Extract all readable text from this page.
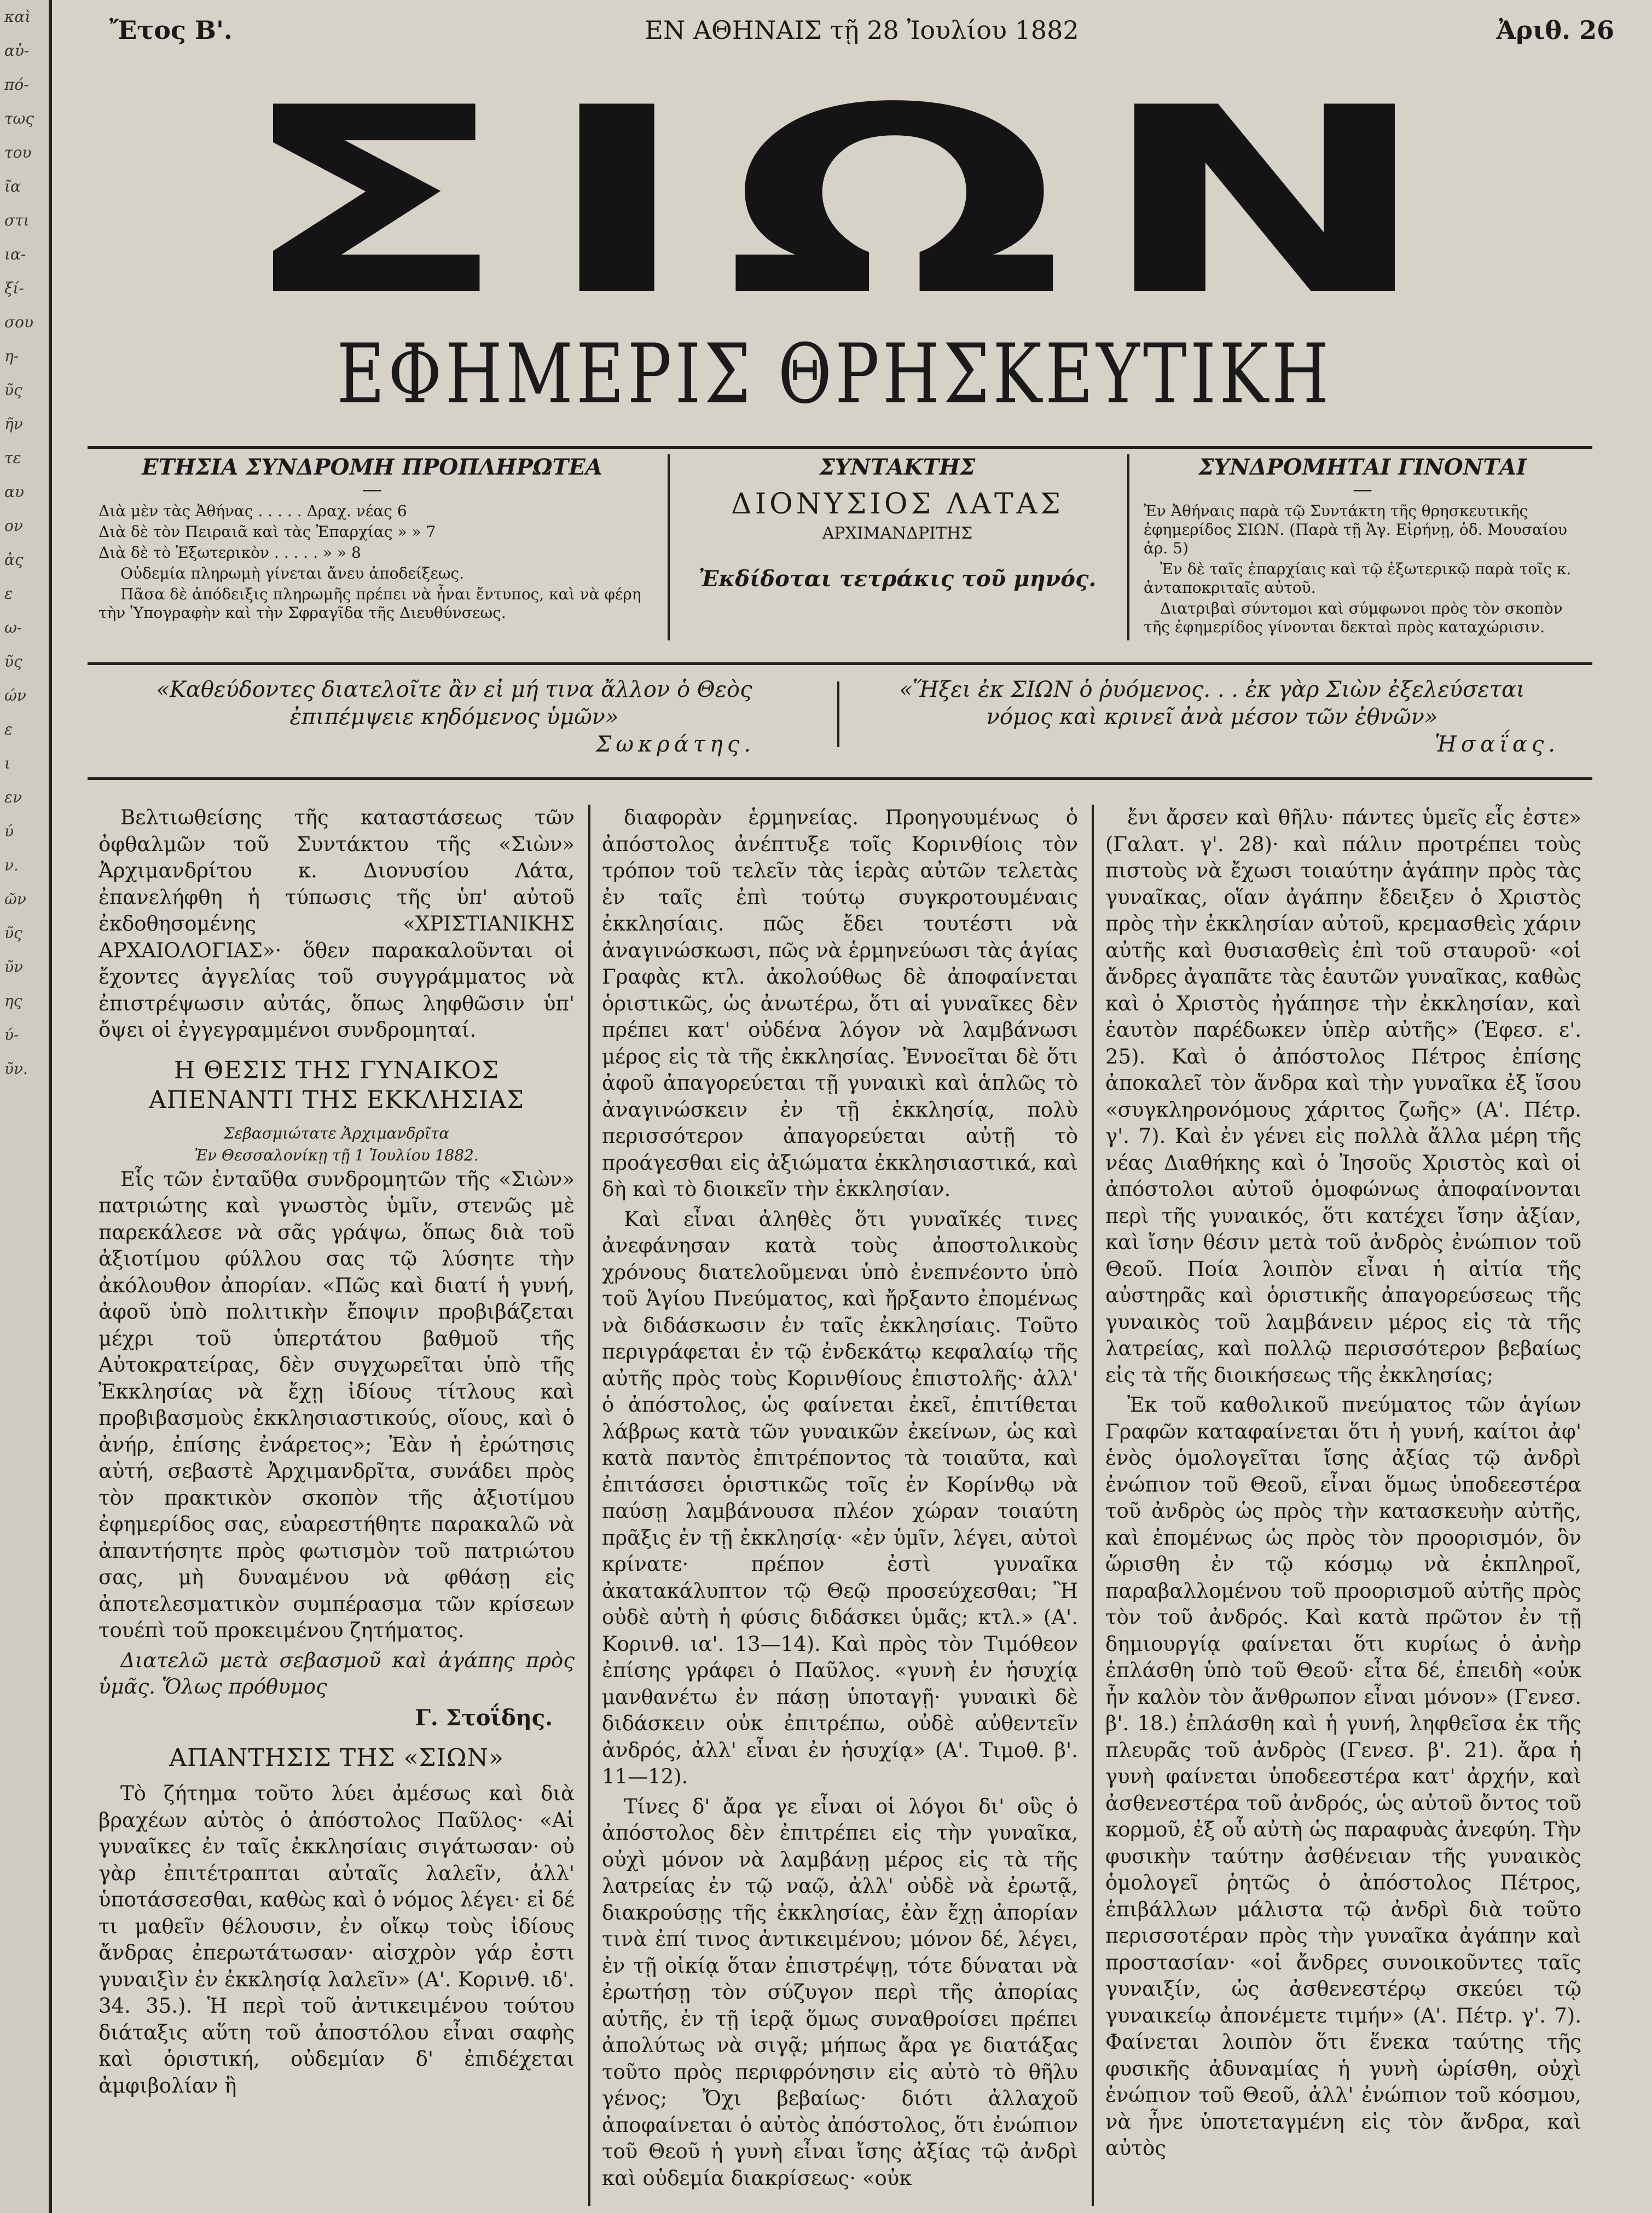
καὶ
αὐ-
πό-
τως
του
ῖα
στι
ια-
ξί-
σου
η-
ῦς
ῆν
τε
αυ
ον
ἀς
ε
ω-
ῦς
ών
ε
ι
εν
ύ
ν.
ῶν
ῦς
ῦν
ης
ύ-
ῦν.
Ἔτος Β'.	ΕΝ ΑΘΗΝΑΙΣ τῇ 28 Ἰουλίου 1882	Ἀριθ. 26
ΣΙΩΝ
ΕΦΗΜΕΡΙΣ ΘΡΗΣΚΕΥΤΙΚΗ
ΕΤΗΣΙΑ ΣΥΝΔΡΟΜΗ ΠΡΟΠΛΗΡΩΤΕΑ
—

Διὰ μὲν τὰς Ἀθήνας . . . . . Δραχ. νέας 6

Διὰ δὲ τὸν Πειραιᾶ καὶ τὰς Ἐπαρχίας » » 7

Διὰ δὲ τὸ Ἐξωτερικὸν . . . . . » » 8

Οὐδεμία πληρωμὴ γίνεται ἄνευ ἀποδείξεως.

Πᾶσα δὲ ἀπόδειξις πληρωμῆς πρέπει νὰ ἦναι ἔντυπος, καὶ νὰ φέρη τὴν Ὑπογραφὴν καὶ τὴν Σφραγῖδα τῆς Διευθύνσεως.

ΣΥΝΤΑΚΤΗΣ
ΔΙΟΝΥΣΙΟΣ ΛΑΤΑΣ
ΑΡΧΙΜΑΝΔΡΙΤΗΣ
Ἐκδίδοται τετράκις τοῦ μηνός.
ΣΥΝΔΡΟΜΗΤΑΙ ΓΙΝΟΝΤΑΙ
—

Ἐν Ἀθήναις παρὰ τῷ Συντάκτη τῆς θρησκευτικῆς ἐφημερίδος ΣΙΩΝ. (Παρὰ τῇ Ἁγ. Εἰρήνῃ, ὁδ. Μουσαίου ἀρ. 5)

Ἐν δὲ ταῖς ἐπαρχίαις καὶ τῷ ἐξωτερικῷ παρὰ τοῖς κ. ἀνταποκριταῖς αὐτοῦ.

Διατριβαὶ σύντομοι καὶ σύμφωνοι πρὸς τὸν σκοπὸν τῆς ἐφημερίδος γίνονται δεκταὶ πρὸς καταχώρισιν.

«Καθεύδοντες διατελοῖτε ἂν εἰ μή τινα ἄλλον ὁ Θεὸς ἐπιπέμψειε κηδόμενος ὑμῶν»
Σωκράτης.
«Ἥξει ἐκ ΣΙΩΝ ὁ ῥυόμενος. . . ἐκ γὰρ Σιὼν ἐξελεύσεται νόμος καὶ κρινεῖ ἀνὰ μέσον τῶν ἐθνῶν»
Ἡσαΐας.

Βελτιωθείσης τῆς καταστάσεως τῶν ὀφθαλμῶν τοῦ Συντάκτου τῆς «Σιὼν» Ἀρχιμανδρίτου κ. Διονυσίου Λάτα, ἐπανελήφθη ἡ τύπωσις τῆς ὑπ' αὐτοῦ ἐκδοθησομένης «ΧΡΙΣΤΙΑΝΙΚΗΣ ΑΡΧΑΙΟΛΟΓΙΑΣ»· ὅθεν παρακαλοῦνται οἱ ἔχοντες ἀγγελίας τοῦ συγγράμματος νὰ ἐπιστρέψωσιν αὐτάς, ὅπως ληφθῶσιν ὑπ' ὄψει οἱ ἐγγεγραμμένοι συνδρομηταί.

Η ΘΕΣΙΣ ΤΗΣ ΓΥΝΑΙΚΟΣ ΑΠΕΝΑΝΤΙ ΤΗΣ ΕΚΚΛΗΣΙΑΣ

Σεβασμιώτατε Ἀρχιμανδρῖτα

Ἐν Θεσσαλονίκῃ τῇ 1 Ἰουλίου 1882.

Εἷς τῶν ἐνταῦθα συνδρομητῶν τῆς «Σιὼν» πατριώτης καὶ γνωστὸς ὑμῖν, στενῶς μὲ παρεκάλεσε νὰ σᾶς γράψω, ὅπως διὰ τοῦ ἀξιοτίμου φύλλου σας τῷ λύσητε τὴν ἀκόλουθον ἀπορίαν. «Πῶς καὶ διατί ἡ γυνή, ἀφοῦ ὑπὸ πολιτικὴν ἔποψιν προβιβάζεται μέχρι τοῦ ὑπερτάτου βαθμοῦ τῆς Αὐτοκρατείρας, δὲν συγχωρεῖται ὑπὸ τῆς Ἐκκλησίας νὰ ἔχῃ ἰδίους τίτλους καὶ προβιβασμοὺς ἐκκλησιαστικούς, οἵους, καὶ ὁ ἀνήρ, ἐπίσης ἐνάρετος»; Ἐὰν ἡ ἐρώτησις αὐτή, σεβαστὲ Ἀρχιμανδρῖτα, συνάδει πρὸς τὸν πρακτικὸν σκοπὸν τῆς ἀξιοτίμου ἐφημερίδος σας, εὐαρεστήθητε παρακαλῶ νὰ ἀπαντήσητε πρὸς φωτισμὸν τοῦ πατριώτου σας, μὴ δυναμένου νὰ φθάσῃ εἰς ἀποτελεσματικὸν συμπέρασμα τῶν κρίσεων τουέπὶ τοῦ προκειμένου ζητήματος.

Διατελῶ μετὰ σεβασμοῦ καὶ ἀγάπης πρὸς ὑμᾶς. Ὅλως πρόθυμος

Γ. Στοΐδης.

ΑΠΑΝΤΗΣΙΣ ΤΗΣ «ΣΙΩΝ»

Τὸ ζήτημα τοῦτο λύει ἀμέσως καὶ διὰ βραχέων αὐτὸς ὁ ἀπόστολος Παῦλος· «Αἱ γυναῖκες ἐν ταῖς ἐκκλησίαις σιγάτωσαν· οὐ γὰρ ἐπιτέτραπται αὐταῖς λαλεῖν, ἀλλ' ὑποτάσσεσθαι, καθὼς καὶ ὁ νόμος λέγει· εἰ δέ τι μαθεῖν θέλουσιν, ἐν οἴκῳ τοὺς ἰδίους ἄνδρας ἐπερωτάτωσαν· αἰσχρὸν γάρ ἐστι γυναιξὶν ἐν ἐκκλησίᾳ λαλεῖν» (Α'. Κορινθ. ιδ'. 34. 35.). Ἡ περὶ τοῦ ἀντικειμένου τούτου διάταξις αὕτη τοῦ ἀποστόλου εἶναι σαφὴς καὶ ὁριστική, οὐδεμίαν δ' ἐπιδέχεται ἀμφιβολίαν ἢ

διαφορὰν ἑρμηνείας. Προηγουμένως ὁ ἀπόστολος ἀνέπτυξε τοῖς Κορινθίοις τὸν τρόπον τοῦ τελεῖν τὰς ἱερὰς αὐτῶν τελετὰς ἐν ταῖς ἐπὶ τούτῳ συγκροτουμέναις ἐκκλησίαις. πῶς ἔδει τουτέστι νὰ ἀναγινώσκωσι, πῶς νὰ ἑρμηνεύωσι τὰς ἁγίας Γραφὰς κτλ. ἀκολούθως δὲ ἀποφαίνεται ὁριστικῶς, ὡς ἀνωτέρω, ὅτι αἱ γυναῖκες δὲν πρέπει κατ' οὐδένα λόγον νὰ λαμβάνωσι μέρος εἰς τὰ τῆς ἐκκλησίας. Ἐννοεῖται δὲ ὅτι ἀφοῦ ἀπαγορεύεται τῇ γυναικὶ καὶ ἁπλῶς τὸ ἀναγινώσκειν ἐν τῇ ἐκκλησίᾳ, πολὺ περισσότερον ἀπαγορεύεται αὐτῇ τὸ προάγεσθαι εἰς ἀξιώματα ἐκκλησιαστικά, καὶ δὴ καὶ τὸ διοικεῖν τὴν ἐκκλησίαν.

Καὶ εἶναι ἀληθὲς ὅτι γυναῖκές τινες ἀνεφάνησαν κατὰ τοὺς ἀποστολικοὺς χρόνους διατελοῦμεναι ὑπὸ ἐνεπνέοντο ὑπὸ τοῦ Ἁγίου Πνεύματος, καὶ ἤρξαντο ἐπομένως νὰ διδάσκωσιν ἐν ταῖς ἐκκλησίαις. Τοῦτο περιγράφεται ἐν τῷ ἐνδεκάτῳ κεφαλαίῳ τῆς αὐτῆς πρὸς τοὺς Κορινθίους ἐπιστολῆς· ἀλλ' ὁ ἀπόστολος, ὡς φαίνεται ἐκεῖ, ἐπιτίθεται λάβρως κατὰ τῶν γυναικῶν ἐκείνων, ὡς καὶ κατὰ παντὸς ἐπιτρέποντος τὰ τοιαῦτα, καὶ ἐπιτάσσει ὁριστικῶς τοῖς ἐν Κορίνθῳ νὰ παύσῃ λαμβάνουσα πλέον χώραν τοιαύτη πρᾶξις ἐν τῇ ἐκκλησίᾳ· «ἐν ὑμῖν, λέγει, αὐτοὶ κρίνατε· πρέπον ἐστὶ γυναῖκα ἀκατακάλυπτον τῷ Θεῷ προσεύχεσθαι; Ἢ οὐδὲ αὐτὴ ἡ φύσις διδάσκει ὑμᾶς; κτλ.» (Α'. Κορινθ. ια'. 13—14). Καὶ πρὸς τὸν Τιμόθεον ἐπίσης γράφει ὁ Παῦλος. «γυνὴ ἐν ἡσυχίᾳ μανθανέτω ἐν πάσῃ ὑποταγῇ· γυναικὶ δὲ διδάσκειν οὐκ ἐπιτρέπω, οὐδὲ αὐθεντεῖν ἀνδρός, ἀλλ' εἶναι ἐν ἡσυχίᾳ» (Α'. Τιμοθ. β'. 11—12).

Τίνες δ' ἄρα γε εἶναι οἱ λόγοι δι' οὓς ὁ ἀπόστολος δὲν ἐπιτρέπει εἰς τὴν γυναῖκα, οὐχὶ μόνον νὰ λαμβάνῃ μέρος εἰς τὰ τῆς λατρείας ἐν τῷ ναῷ, ἀλλ' οὐδὲ νὰ ἐρωτᾷ, διακρούσῃς τῆς ἐκκλησίας, ἐὰν ἔχῃ ἀπορίαν τινὰ ἐπί τινος ἀντικειμένου; μόνον δέ, λέγει, ἐν τῇ οἰκίᾳ ὅταν ἐπιστρέψῃ, τότε δύναται νὰ ἐρωτήσῃ τὸν σύζυγον περὶ τῆς ἀπορίας αὐτῆς, ἐν τῇ ἱερᾷ ὅμως συναθροίσει πρέπει ἀπολύτως νὰ σιγᾷ; μήπως ἄρα γε διατάξας τοῦτο πρὸς περιφρόνησιν εἰς αὐτὸ τὸ θῆλυ γένος; Ὄχι βεβαίως· διότι ἀλλαχοῦ ἀποφαίνεται ὁ αὐτὸς ἀπόστολος, ὅτι ἐνώπιον τοῦ Θεοῦ ἡ γυνὴ εἶναι ἴσης ἀξίας τῷ ἀνδρὶ καὶ οὐδεμία διακρίσεως· «οὐκ

ἔνι ἄρσεν καὶ θῆλυ· πάντες ὑμεῖς εἷς ἐστε» (Γαλατ. γ'. 28)· καὶ πάλιν προτρέπει τοὺς πιστοὺς νὰ ἔχωσι τοιαύτην ἀγάπην πρὸς τὰς γυναῖκας, οἵαν ἀγάπην ἔδειξεν ὁ Χριστὸς πρὸς τὴν ἐκκλησίαν αὐτοῦ, κρεμασθεὶς χάριν αὐτῆς καὶ θυσιασθεὶς ἐπὶ τοῦ σταυροῦ· «οἱ ἄνδρες ἀγαπᾶτε τὰς ἑαυτῶν γυναῖκας, καθὼς καὶ ὁ Χριστὸς ἠγάπησε τὴν ἐκκλησίαν, καὶ ἑαυτὸν παρέδωκεν ὑπὲρ αὐτῆς» (Ἐφεσ. ε'. 25). Καὶ ὁ ἀπόστολος Πέτρος ἐπίσης ἀποκαλεῖ τὸν ἄνδρα καὶ τὴν γυναῖκα ἐξ ἴσου «συγκληρονόμους χάριτος ζωῆς» (Α'. Πέτρ. γ'. 7). Καὶ ἐν γένει εἰς πολλὰ ἄλλα μέρη τῆς νέας Διαθήκης καὶ ὁ Ἰησοῦς Χριστὸς καὶ οἱ ἀπόστολοι αὐτοῦ ὁμοφώνως ἀποφαίνονται περὶ τῆς γυναικός, ὅτι κατέχει ἴσην ἀξίαν, καὶ ἴσην θέσιν μετὰ τοῦ ἀνδρὸς ἐνώπιον τοῦ Θεοῦ. Ποία λοιπὸν εἶναι ἡ αἰτία τῆς αὐστηρᾶς καὶ ὁριστικῆς ἀπαγορεύσεως τῆς γυναικὸς τοῦ λαμβάνειν μέρος εἰς τὰ τῆς λατρείας, καὶ πολλῷ περισσότερον βεβαίως εἰς τὰ τῆς διοικήσεως τῆς ἐκκλησίας;

Ἐκ τοῦ καθολικοῦ πνεύματος τῶν ἁγίων Γραφῶν καταφαίνεται ὅτι ἡ γυνή, καίτοι ἀφ' ἑνὸς ὁμολογεῖται ἴσης ἀξίας τῷ ἀνδρὶ ἐνώπιον τοῦ Θεοῦ, εἶναι ὅμως ὑποδεεστέρα τοῦ ἀνδρὸς ὡς πρὸς τὴν κατασκευὴν αὐτῆς, καὶ ἑπομένως ὡς πρὸς τὸν προορισμόν, ὃν ὥρισθη ἐν τῷ κόσμῳ νὰ ἐκπληροῖ, παραβαλλομένου τοῦ προορισμοῦ αὐτῆς πρὸς τὸν τοῦ ἀνδρός. Καὶ κατὰ πρῶτον ἐν τῇ δημιουργίᾳ φαίνεται ὅτι κυρίως ὁ ἀνὴρ ἐπλάσθη ὑπὸ τοῦ Θεοῦ· εἶτα δέ, ἐπειδὴ «οὐκ ἦν καλὸν τὸν ἄνθρωπον εἶναι μόνον» (Γενεσ. β'. 18.) ἐπλάσθη καὶ ἡ γυνή, ληφθεῖσα ἐκ τῆς πλευρᾶς τοῦ ἀνδρὸς (Γενεσ. β'. 21). ἄρα ἡ γυνὴ φαίνεται ὑποδεεστέρα κατ' ἀρχήν, καὶ ἀσθενεστέρα τοῦ ἀνδρός, ὡς αὐτοῦ ὄντος τοῦ κορμοῦ, ἐξ οὗ αὐτὴ ὡς παραφυὰς ἀνεφύη. Τὴν φυσικὴν ταύτην ἀσθένειαν τῆς γυναικὸς ὁμολογεῖ ῥητῶς ὁ ἀπόστολος Πέτρος, ἐπιβάλλων μάλιστα τῷ ἀνδρὶ διὰ τοῦτο περισσοτέραν πρὸς τὴν γυναῖκα ἀγάπην καὶ προστασίαν· «οἱ ἄνδρες συνοικοῦντες ταῖς γυναιξίν, ὡς ἀσθενεστέρῳ σκεύει τῷ γυναικείῳ ἀπονέμετε τιμήν» (Α'. Πέτρ. γ'. 7). Φαίνεται λοιπὸν ὅτι ἕνεκα ταύτης τῆς φυσικῆς ἀδυναμίας ἡ γυνὴ ὡρίσθη, οὐχὶ ἐνώπιον τοῦ Θεοῦ, ἀλλ' ἐνώπιον τοῦ κόσμου, νὰ ἦνε ὑποτεταγμένη εἰς τὸν ἄνδρα, καὶ αὐτὸς
